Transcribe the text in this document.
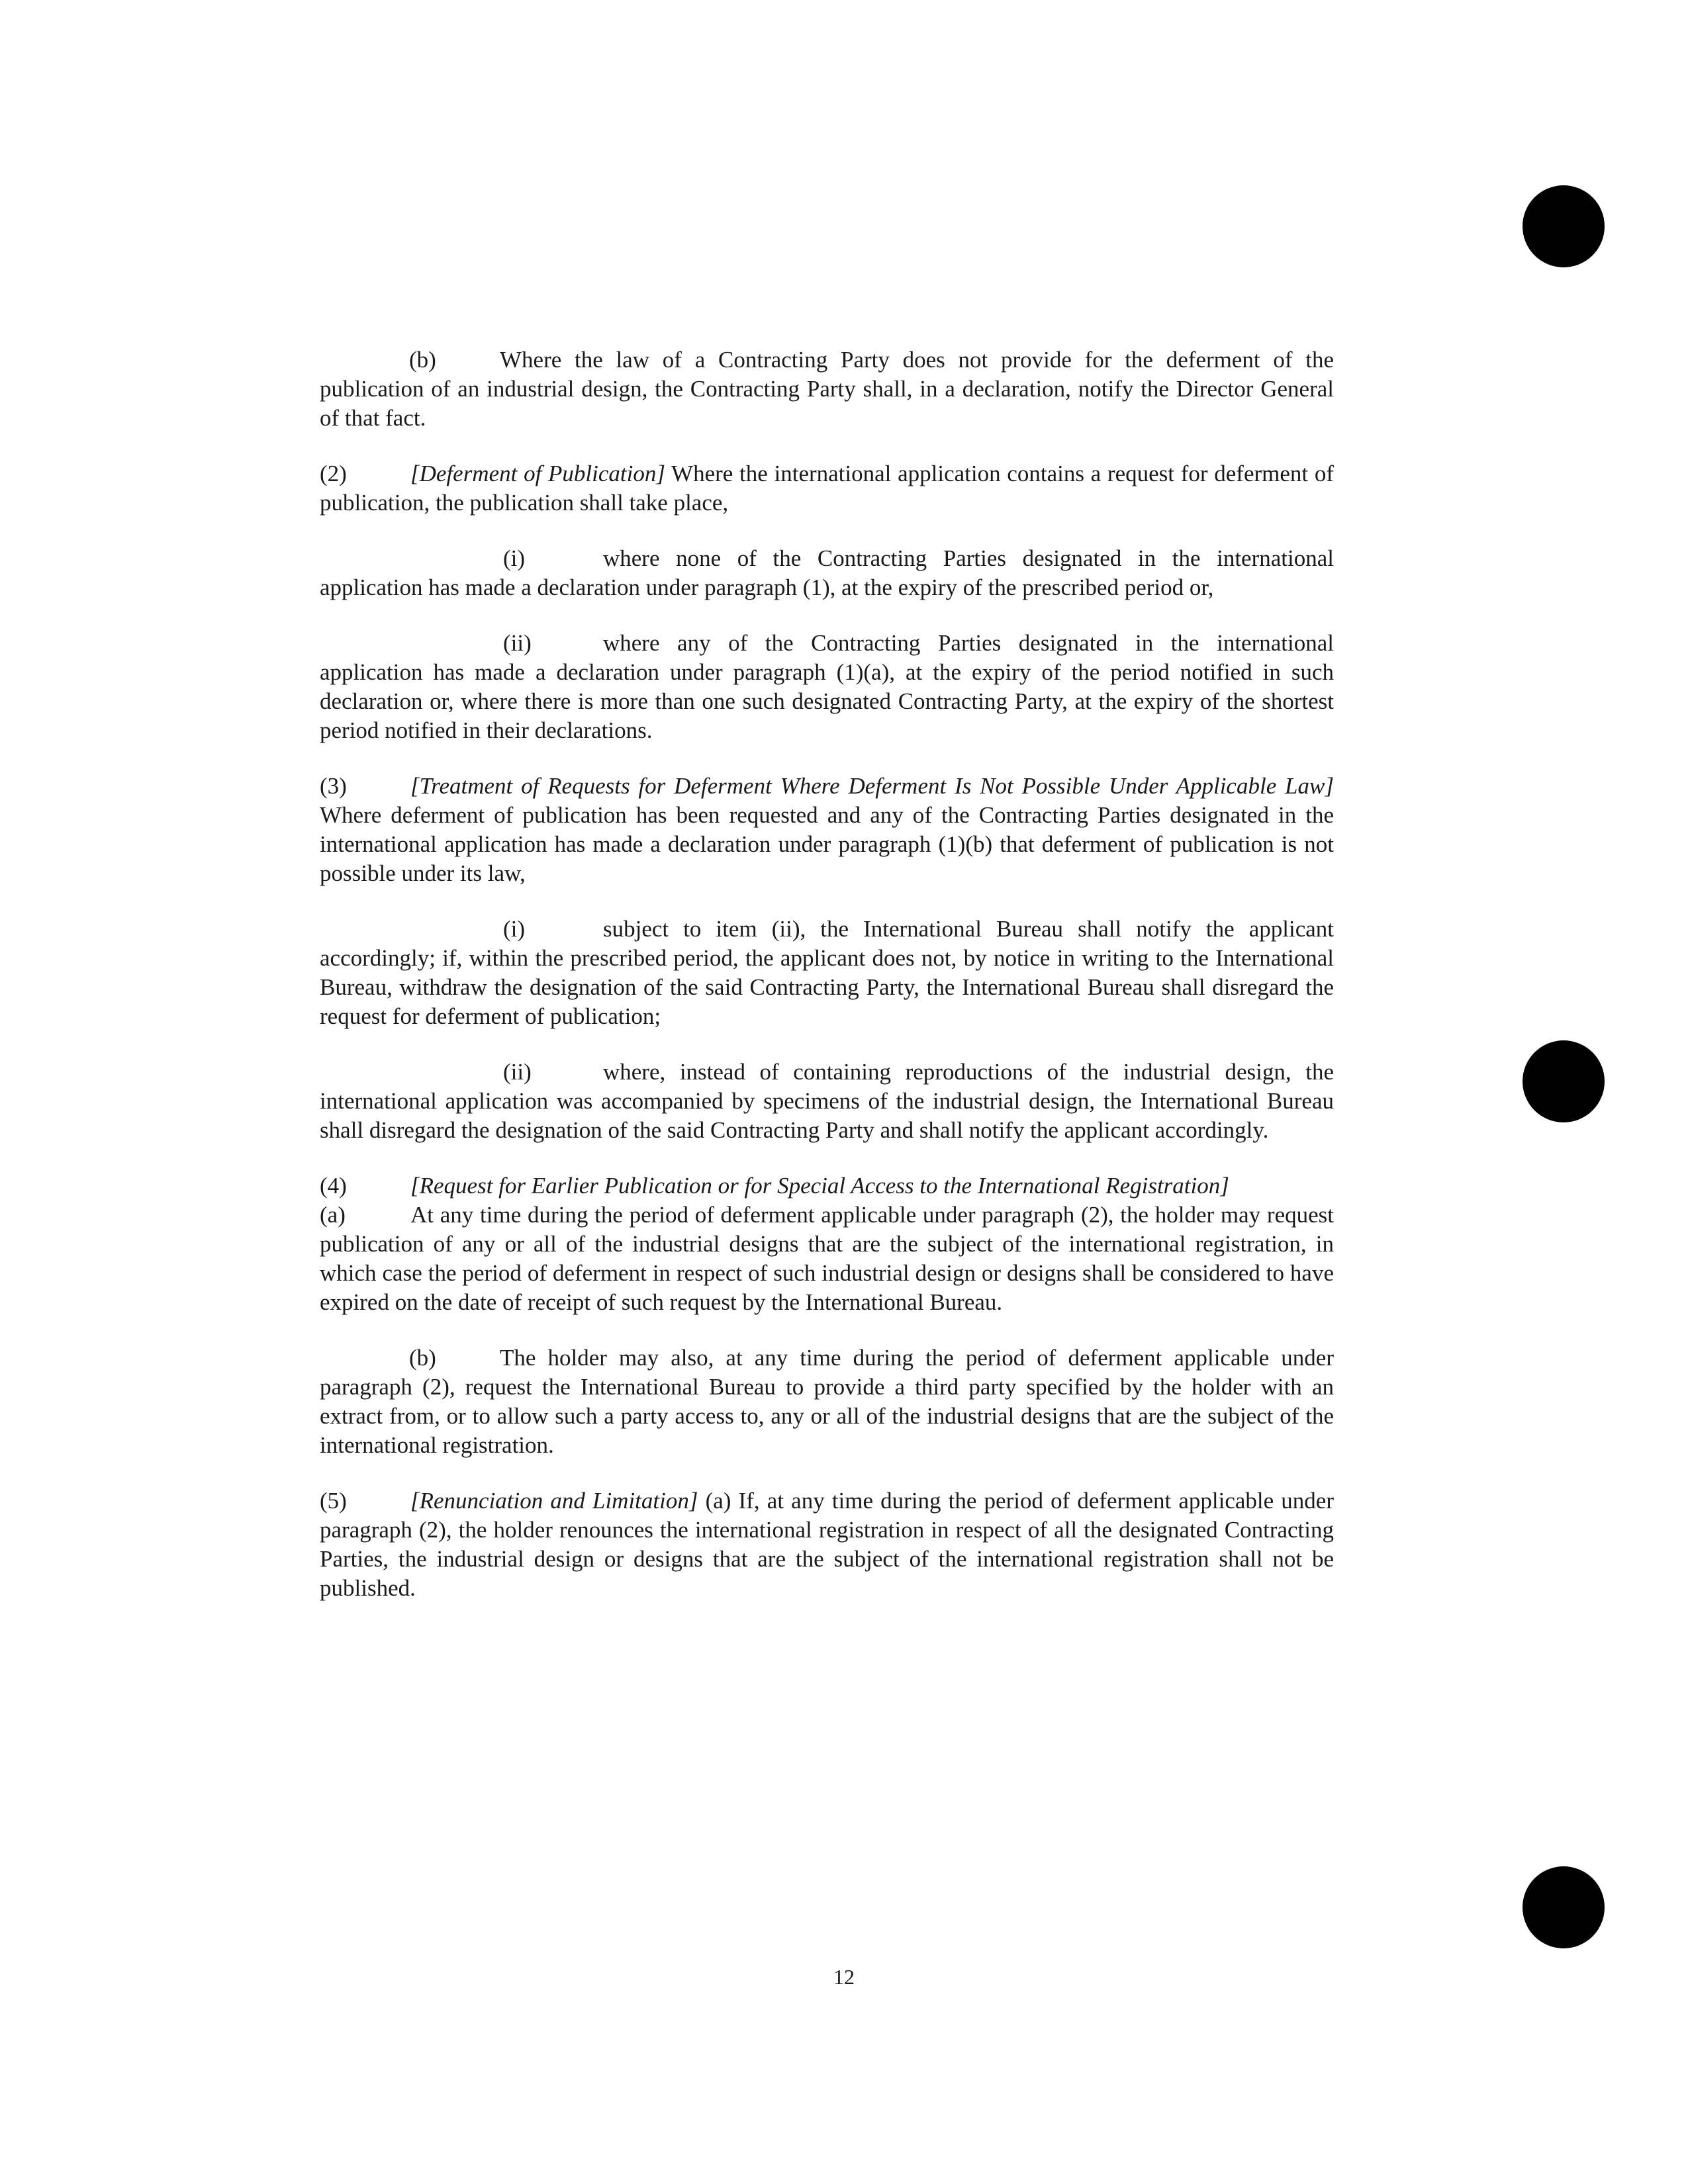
(b)	Where the law of a Contracting Party does not provide for the deferment of the publication of an industrial design, the Contracting Party shall, in a declaration, notify the Director General of that fact.

(2)	[Deferment of Publication] Where the international application contains a request for deferment of publication, the publication shall take place,

(i)	where none of the Contracting Parties designated in the international application has made a declaration under paragraph (1), at the expiry of the prescribed period or,

(ii)	where any of the Contracting Parties designated in the international application has made a declaration under paragraph (1)(a), at the expiry of the period notified in such declaration or, where there is more than one such designated Contracting Party, at the expiry of the shortest period notified in their declarations.

(3)	[Treatment of Requests for Deferment Where Deferment Is Not Possible Under Applicable Law] Where deferment of publication has been requested and any of the Contracting Parties designated in the international application has made a declaration under paragraph (1)(b) that deferment of publication is not possible under its law,

(i)	subject to item (ii), the International Bureau shall notify the applicant accordingly; if, within the prescribed period, the applicant does not, by notice in writing to the International Bureau, withdraw the designation of the said Contracting Party, the International Bureau shall disregard the request for deferment of publication;

(ii)	where, instead of containing reproductions of the industrial design, the international application was accompanied by specimens of the industrial design, the International Bureau shall disregard the designation of the said Contracting Party and shall notify the applicant accordingly.

(4)	[Request for Earlier Publication or for Special Access to the International Registration]
(a)	At any time during the period of deferment applicable under paragraph (2), the holder may request publication of any or all of the industrial designs that are the subject of the international registration, in which case the period of deferment in respect of such industrial design or designs shall be considered to have expired on the date of receipt of such request by the International Bureau.

(b)	The holder may also, at any time during the period of deferment applicable under paragraph (2), request the International Bureau to provide a third party specified by the holder with an extract from, or to allow such a party access to, any or all of the industrial designs that are the subject of the international registration.

(5)	[Renunciation and Limitation] (a) If, at any time during the period of deferment applicable under paragraph (2), the holder renounces the international registration in respect of all the designated Contracting Parties, the industrial design or designs that are the subject of the international registration shall not be published.

12
